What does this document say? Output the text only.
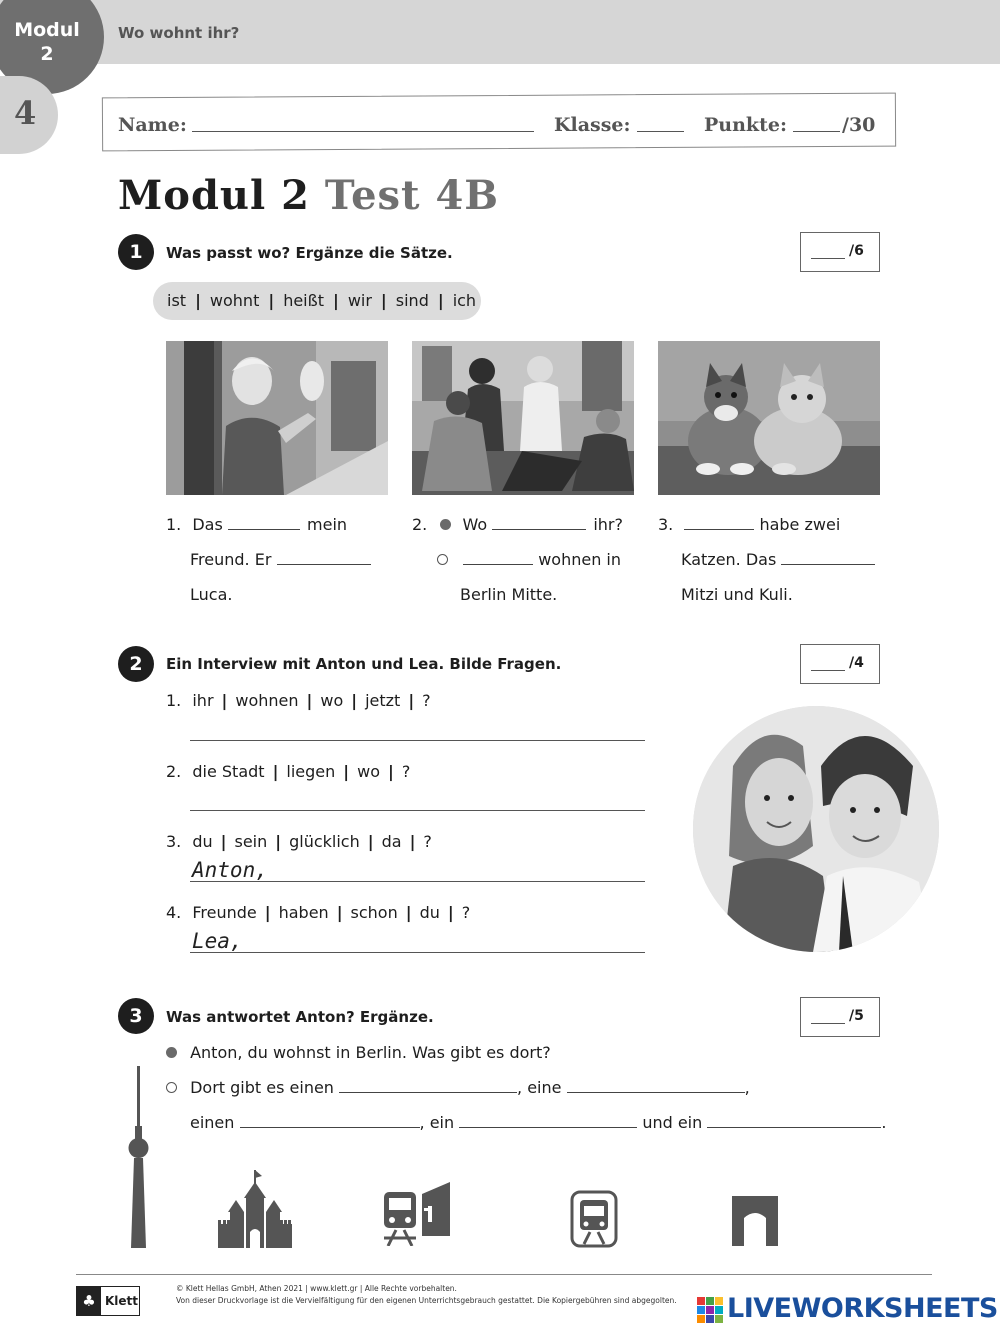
Modul
2
4
Wo wohnt ihr?
Name:	Klasse:	Punkte:	/30
Modul 2 Test 4B
1	Was passt wo? Ergänze die Sätze.	/6
ist | wohnt | heißt | wir | sind | ich
1. Das	mein
Freund. Er
Luca.
2. Wo	ihr?
wohnen in
Berlin Mitte.
3.	habe zwei
Katzen. Das
Mitzi und Kuli.
2	Ein Interview mit Anton und Lea. Bilde Fragen.	/4
1. ihr | wohnen | wo | jetzt | ?
2. die Stadt | liegen | wo | ?
3. du | sein | glücklich | da | ?
Anton,
4. Freunde | haben | schon | du | ?
Lea,
3	Was antwortet Anton? Ergänze.	/5
Anton, du wohnst in Berlin. Was gibt es dort?
Dort gibt es einen	, eine	,
einen	, ein	und ein	.
♣ Klett
© Klett Hellas GmbH, Athen 2021 | www.klett.gr | Alle Rechte vorbehalten.
Von dieser Druckvorlage ist die Vervielfältigung für den eigenen Unterrichtsgebrauch gestattet. Die Kopiergebühren sind abgegolten. LIVEWORKSHEETS
